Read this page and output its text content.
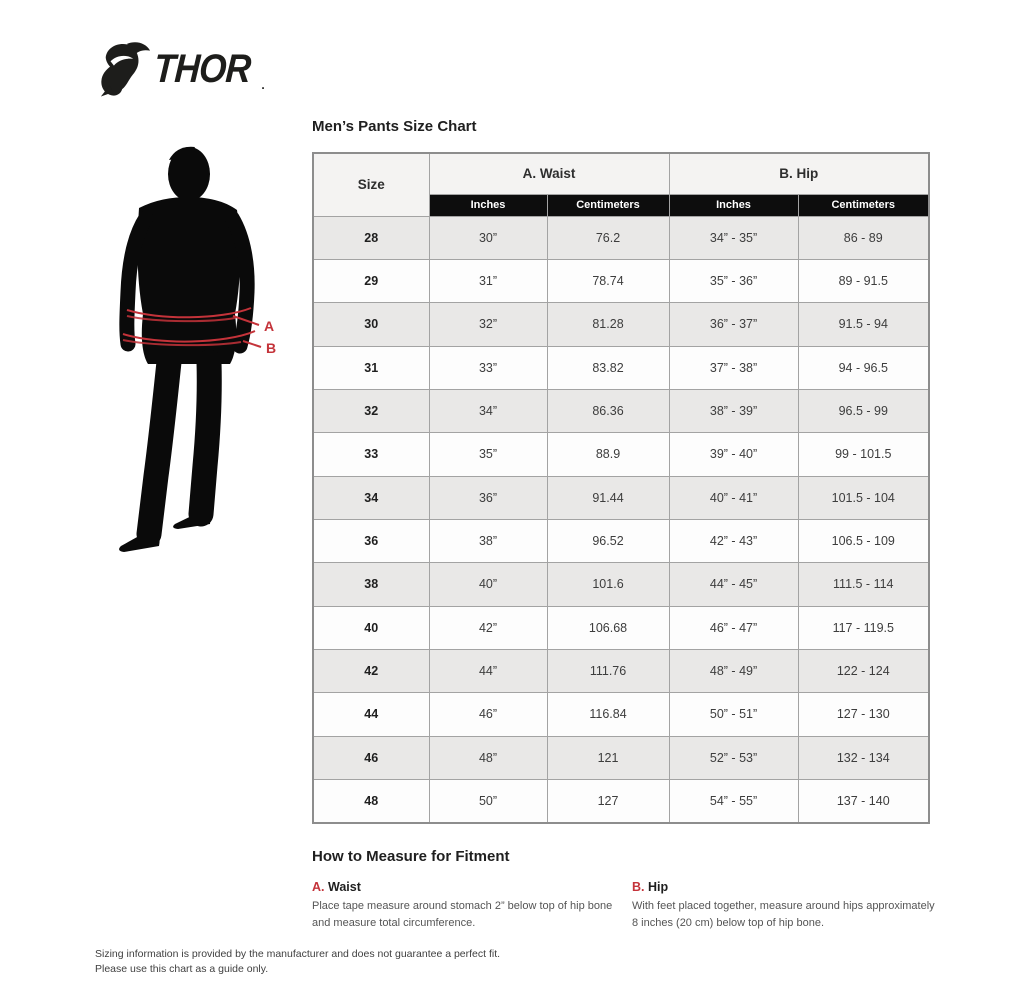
THOR .
Men’s Pants Size Chart
A
B
Size	A. Waist		B. Hip	
	Inches	Centimeters	Inches	Centimeters
28	30”	76.2	34” - 35”	86 - 89
29	31”	78.74	35” - 36”	89 - 91.5
30	32”	81.28	36” - 37”	91.5 - 94
31	33”	83.82	37” - 38”	94 - 96.5
32	34”	86.36	38” - 39”	96.5 - 99
33	35”	88.9	39” - 40”	99 - 101.5
34	36”	91.44	40” - 41”	101.5 - 104
36	38”	96.52	42” - 43”	106.5 - 109
38	40”	101.6	44” - 45”	111.5 - 114
40	42”	106.68	46” - 47”	117 - 119.5
42	44”	111.76	48” - 49”	122 - 124
44	46”	116.84	50” - 51”	127 - 130
46	48”	121	52” - 53”	132 - 134
48	50”	127	54” - 55”	137 - 140
How to Measure for Fitment
A. Waist

Place tape measure around stomach 2” below top of hip bone and measure total circumference.

B. Hip

With feet placed together, measure around hips approximately 8 inches (20 cm) below top of hip bone.

Sizing information is provided by the manufacturer and does not guarantee a perfect fit.
Please use this chart as a guide only.
